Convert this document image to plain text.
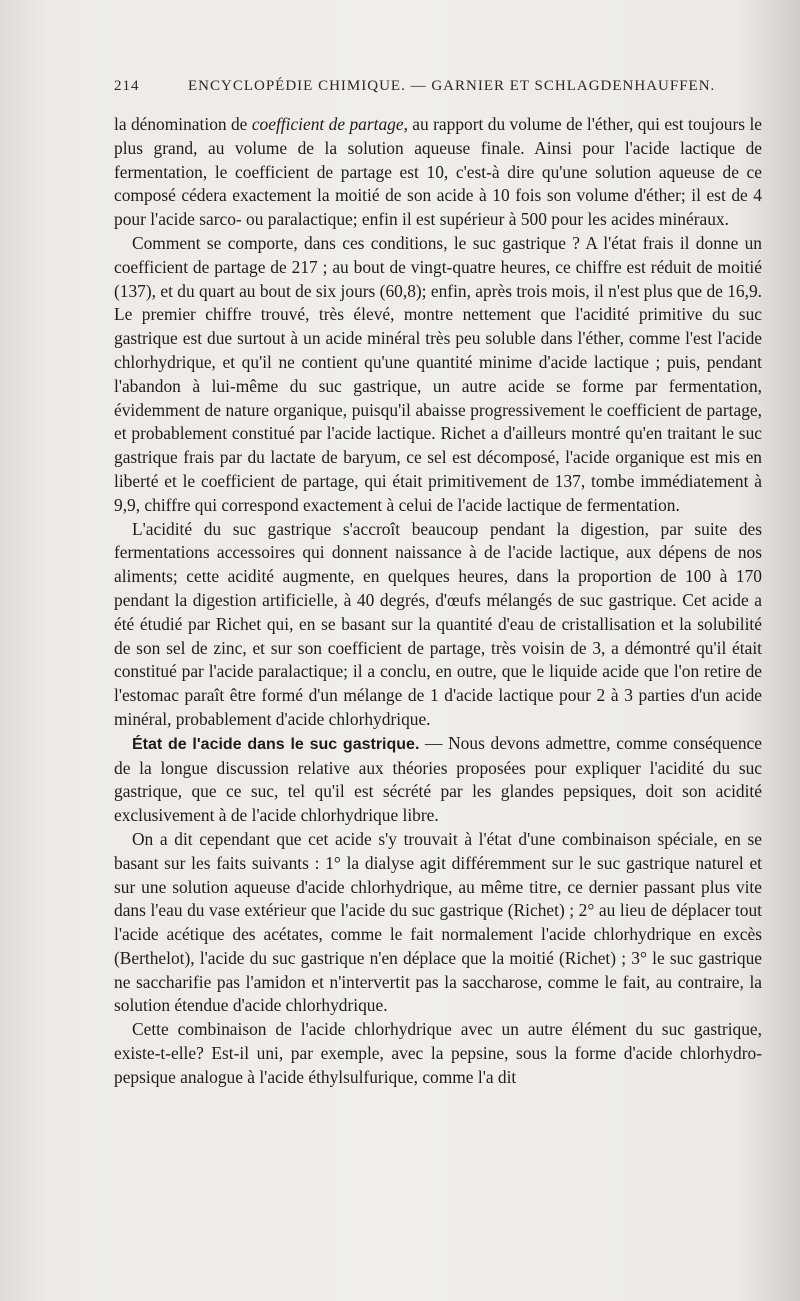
214	ENCYCLOPÉDIE CHIMIQUE. — GARNIER ET SCHLAGDENHAUFFEN.

la dénomination de coefficient de partage, au rapport du volume de l'éther, qui est toujours le plus grand, au volume de la solution aqueuse finale. Ainsi pour l'acide lactique de fermentation, le coefficient de partage est 10, c'est-à dire qu'une solution aqueuse de ce composé cédera exactement la moitié de son acide à 10 fois son volume d'éther; il est de 4 pour l'acide sarco- ou paralactique; enfin il est supérieur à 500 pour les acides minéraux.

Comment se comporte, dans ces conditions, le suc gastrique ? A l'état frais il donne un coefficient de partage de 217 ; au bout de vingt-quatre heures, ce chiffre est réduit de moitié (137), et du quart au bout de six jours (60,8); enfin, après trois mois, il n'est plus que de 16,9. Le premier chiffre trouvé, très élevé, montre nettement que l'acidité primitive du suc gastrique est due surtout à un acide minéral très peu soluble dans l'éther, comme l'est l'acide chlorhydrique, et qu'il ne contient qu'une quantité minime d'acide lactique ; puis, pendant l'abandon à lui-même du suc gastrique, un autre acide se forme par fermentation, évidemment de nature organique, puisqu'il abaisse progressivement le coefficient de partage, et probablement constitué par l'acide lactique. Richet a d'ailleurs montré qu'en traitant le suc gastrique frais par du lactate de baryum, ce sel est décomposé, l'acide organique est mis en liberté et le coefficient de partage, qui était primitivement de 137, tombe immédiatement à 9,9, chiffre qui correspond exactement à celui de l'acide lactique de fermentation.

L'acidité du suc gastrique s'accroît beaucoup pendant la digestion, par suite des fermentations accessoires qui donnent naissance à de l'acide lactique, aux dépens de nos aliments; cette acidité augmente, en quelques heures, dans la proportion de 100 à 170 pendant la digestion artificielle, à 40 degrés, d'œufs mélangés de suc gastrique. Cet acide a été étudié par Richet qui, en se basant sur la quantité d'eau de cristallisation et la solubilité de son sel de zinc, et sur son coefficient de partage, très voisin de 3, a démontré qu'il était constitué par l'acide paralactique; il a conclu, en outre, que le liquide acide que l'on retire de l'estomac paraît être formé d'un mélange de 1 d'acide lactique pour 2 à 3 parties d'un acide minéral, probablement d'acide chlorhydrique.

État de l'acide dans le suc gastrique. — Nous devons admettre, comme conséquence de la longue discussion relative aux théories proposées pour expliquer l'acidité du suc gastrique, que ce suc, tel qu'il est sécrété par les glandes pepsiques, doit son acidité exclusivement à de l'acide chlorhydrique libre.

On a dit cependant que cet acide s'y trouvait à l'état d'une combinaison spéciale, en se basant sur les faits suivants : 1° la dialyse agit différemment sur le suc gastrique naturel et sur une solution aqueuse d'acide chlorhydrique, au même titre, ce dernier passant plus vite dans l'eau du vase extérieur que l'acide du suc gastrique (Richet) ; 2° au lieu de déplacer tout l'acide acétique des acétates, comme le fait normalement l'acide chlorhydrique en excès (Berthelot), l'acide du suc gastrique n'en déplace que la moitié (Richet) ; 3° le suc gastrique ne saccharifie pas l'amidon et n'intervertit pas la saccharose, comme le fait, au contraire, la solution étendue d'acide chlorhydrique.

Cette combinaison de l'acide chlorhydrique avec un autre élément du suc gastrique, existe-t-elle? Est-il uni, par exemple, avec la pepsine, sous la forme d'acide chlorhydro-pepsique analogue à l'acide éthylsulfurique, comme l'a dit
